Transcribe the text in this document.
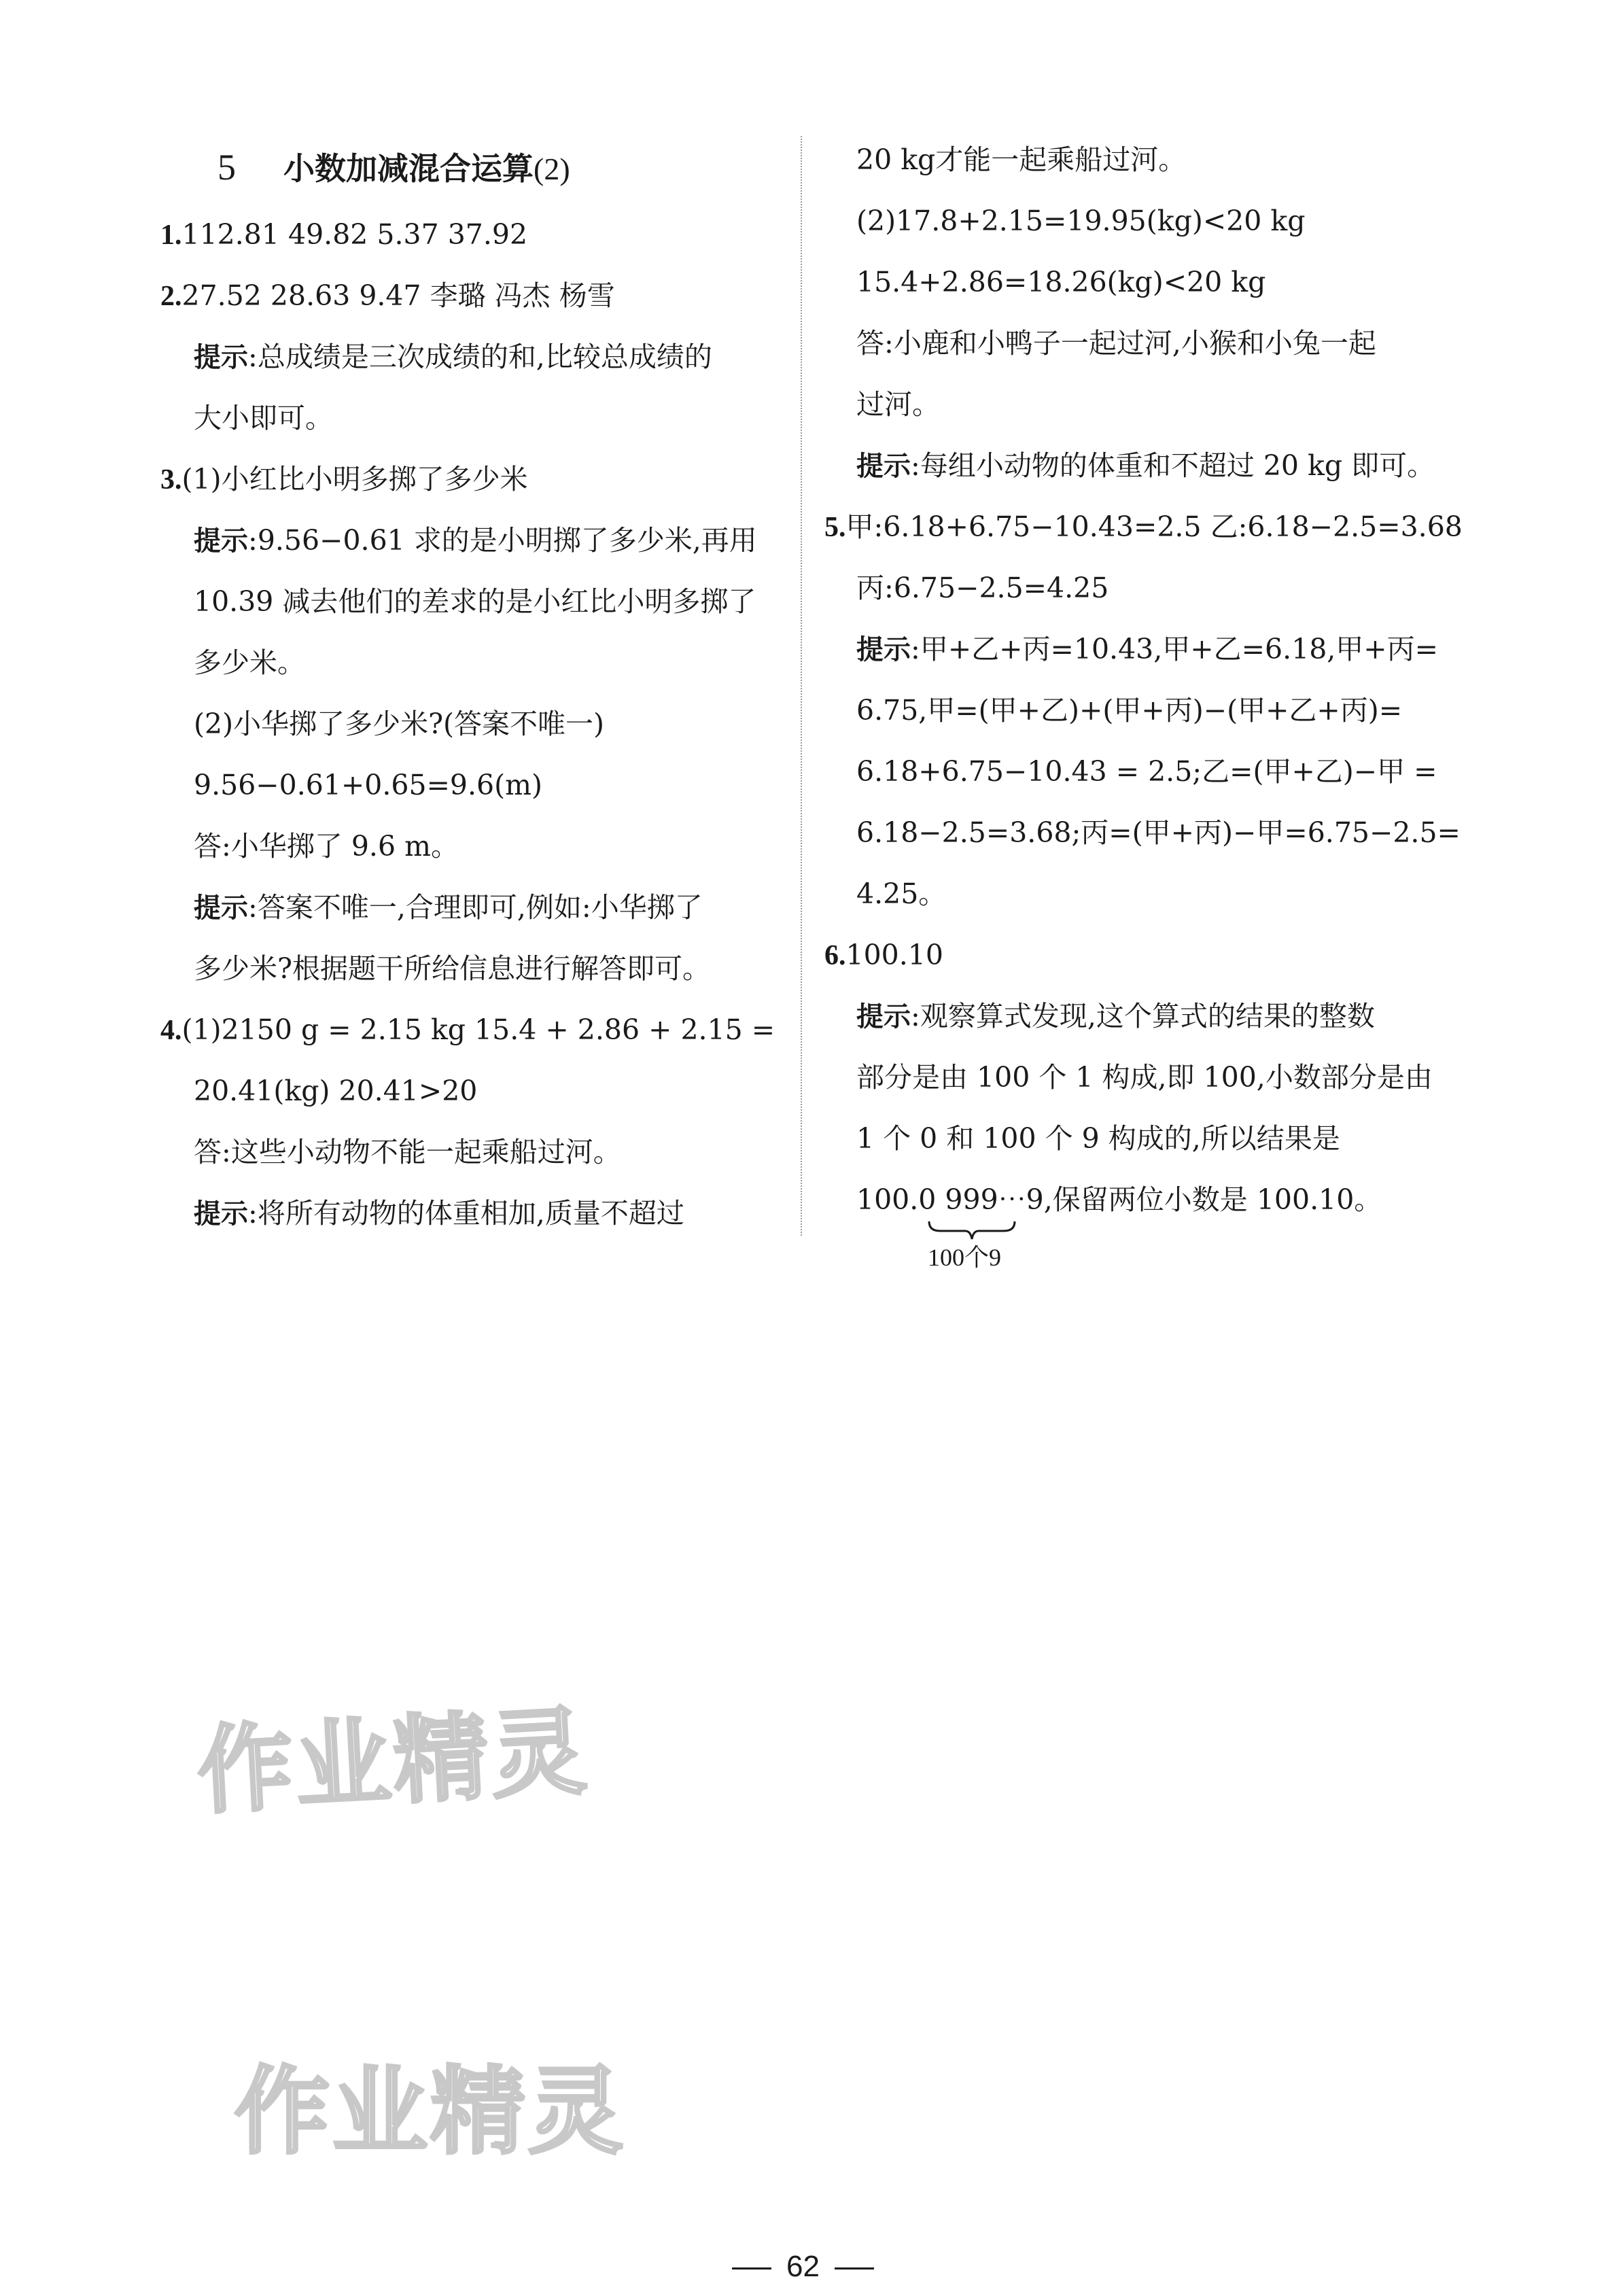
5 小数加减混合运算(2)
1.112.81 49.82 5.37 37.92
2.27.52 28.63 9.47 李璐 冯杰 杨雪
提示:总成绩是三次成绩的和,比较总成绩的
大小即可。
3.(1)小红比小明多掷了多少米
提示:9.56−0.61 求的是小明掷了多少米,再用
10.39 减去他们的差求的是小红比小明多掷了
多少米。
(2)小华掷了多少米?(答案不唯一)
9.56−0.61+0.65=9.6(m)
答:小华掷了 9.6 m。
提示:答案不唯一,合理即可,例如:小华掷了
多少米?根据题干所给信息进行解答即可。
4.(1)2150 g = 2.15 kg 15.4 + 2.86 + 2.15 =
20.41(kg) 20.41>20
答:这些小动物不能一起乘船过河。
提示:将所有动物的体重相加,质量不超过
20 kg才能一起乘船过河。
(2)17.8+2.15=19.95(kg)<20 kg
15.4+2.86=18.26(kg)<20 kg
答:小鹿和小鸭子一起过河,小猴和小兔一起
过河。
提示:每组小动物的体重和不超过 20 kg 即可。
5.甲:6.18+6.75−10.43=2.5 乙:6.18−2.5=3.68
丙:6.75−2.5=4.25
提示:甲+乙+丙=10.43,甲+乙=6.18,甲+丙=
6.75,甲=(甲+乙)+(甲+丙)−(甲+乙+丙)=
6.18+6.75−10.43 = 2.5;乙=(甲+乙)−甲 =
6.18−2.5=3.68;丙=(甲+丙)−甲=6.75−2.5=
4.25。
6.100.10
提示:观察算式发现,这个算式的结果的整数
部分是由 100 个 1 构成,即 100,小数部分是由
1 个 0 和 100 个 9 构成的,所以结果是
100.0 999⋯9,保留两位小数是 100.10。
100个9
作业精灵
作业精灵
62
